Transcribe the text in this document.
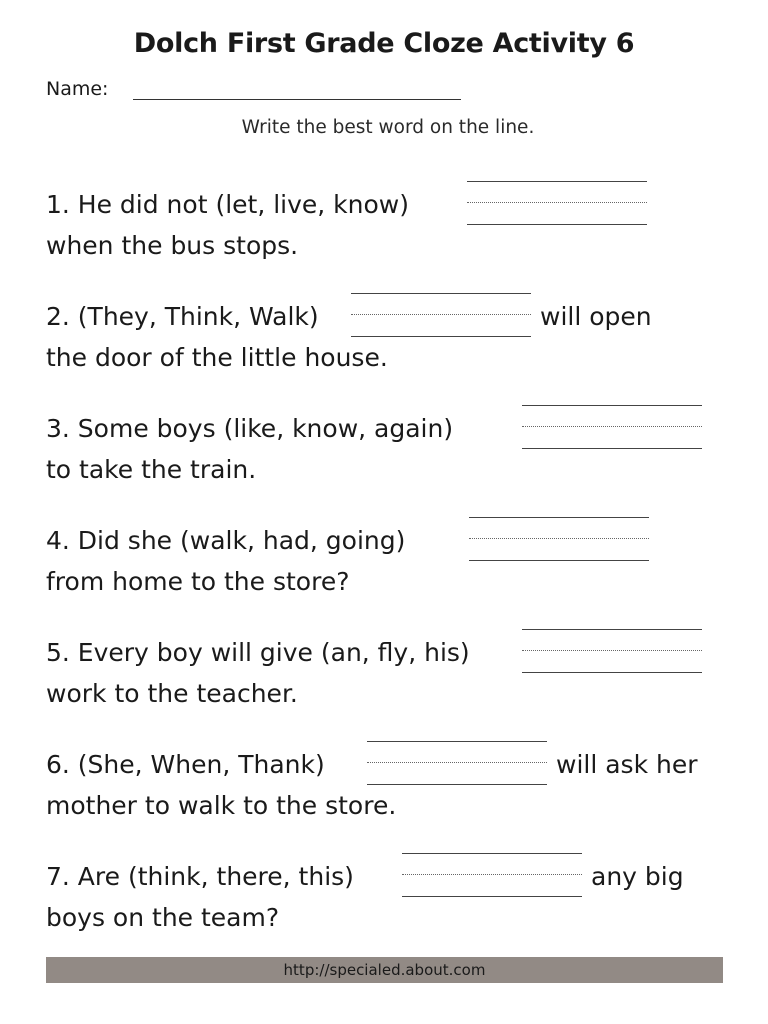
Dolch First Grade Cloze Activity 6
Name:
Write the best word on the line.
1. He did not (let, live, know)
when the bus stops.
2. (They, Think, Walk)	will open
the door of the little house.
3. Some boys (like, know, again)
to take the train.
4. Did she (walk, had, going)
from home to the store?
5. Every boy will give (an, fly, his)
work to the teacher.
6. (She, When, Thank)	will ask her
mother to walk to the store.
7. Are (think, there, this)	any big
boys on the team?
http://specialed.about.com
